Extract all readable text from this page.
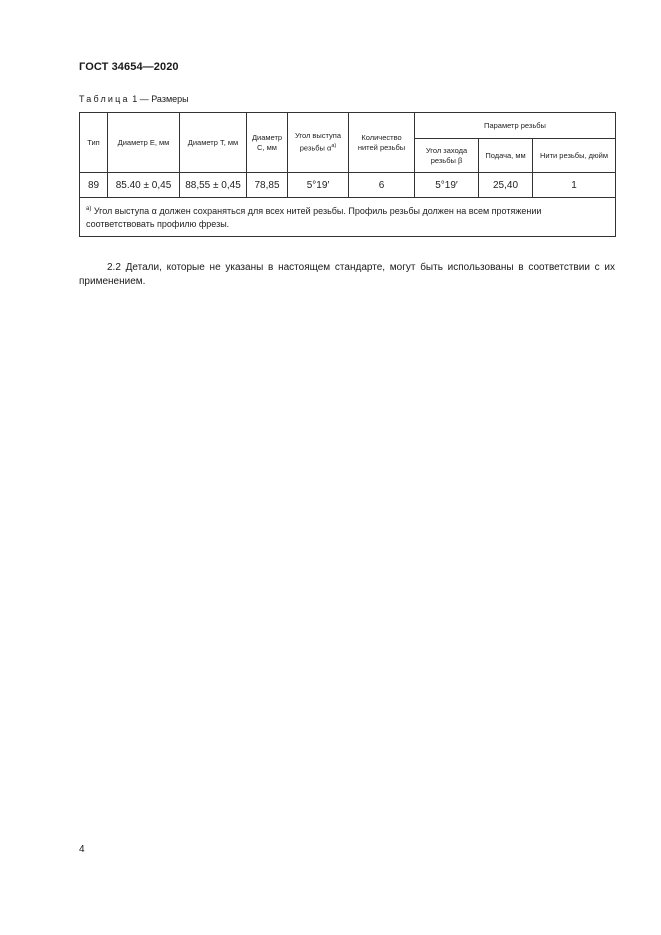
ГОСТ 34654—2020
Таблица 1 — Размеры
Тип	Диаметр E, мм	Диаметр T, мм	Диаметр C, мм	Угол выступа резьбы $\alpha^{а)}$	Количество нитей резьбы	Параметр резьбы		
						Угол захода резьбы β	Подача, мм	Нити резьбы, дюйм
89	85.40 ± 0,45	88,55 ± 0,45	78,85	5°19′	6	5°19′	25,40	1
$^{а)}$ Угол выступа α должен сохраняться для всех нитей резьбы. Профиль резьбы должен на всем протяжении соответствовать профилю фрезы.								

2.2 Детали, которые не указаны в настоящем стандарте, могут быть использованы в соответствии с их применением.

4
